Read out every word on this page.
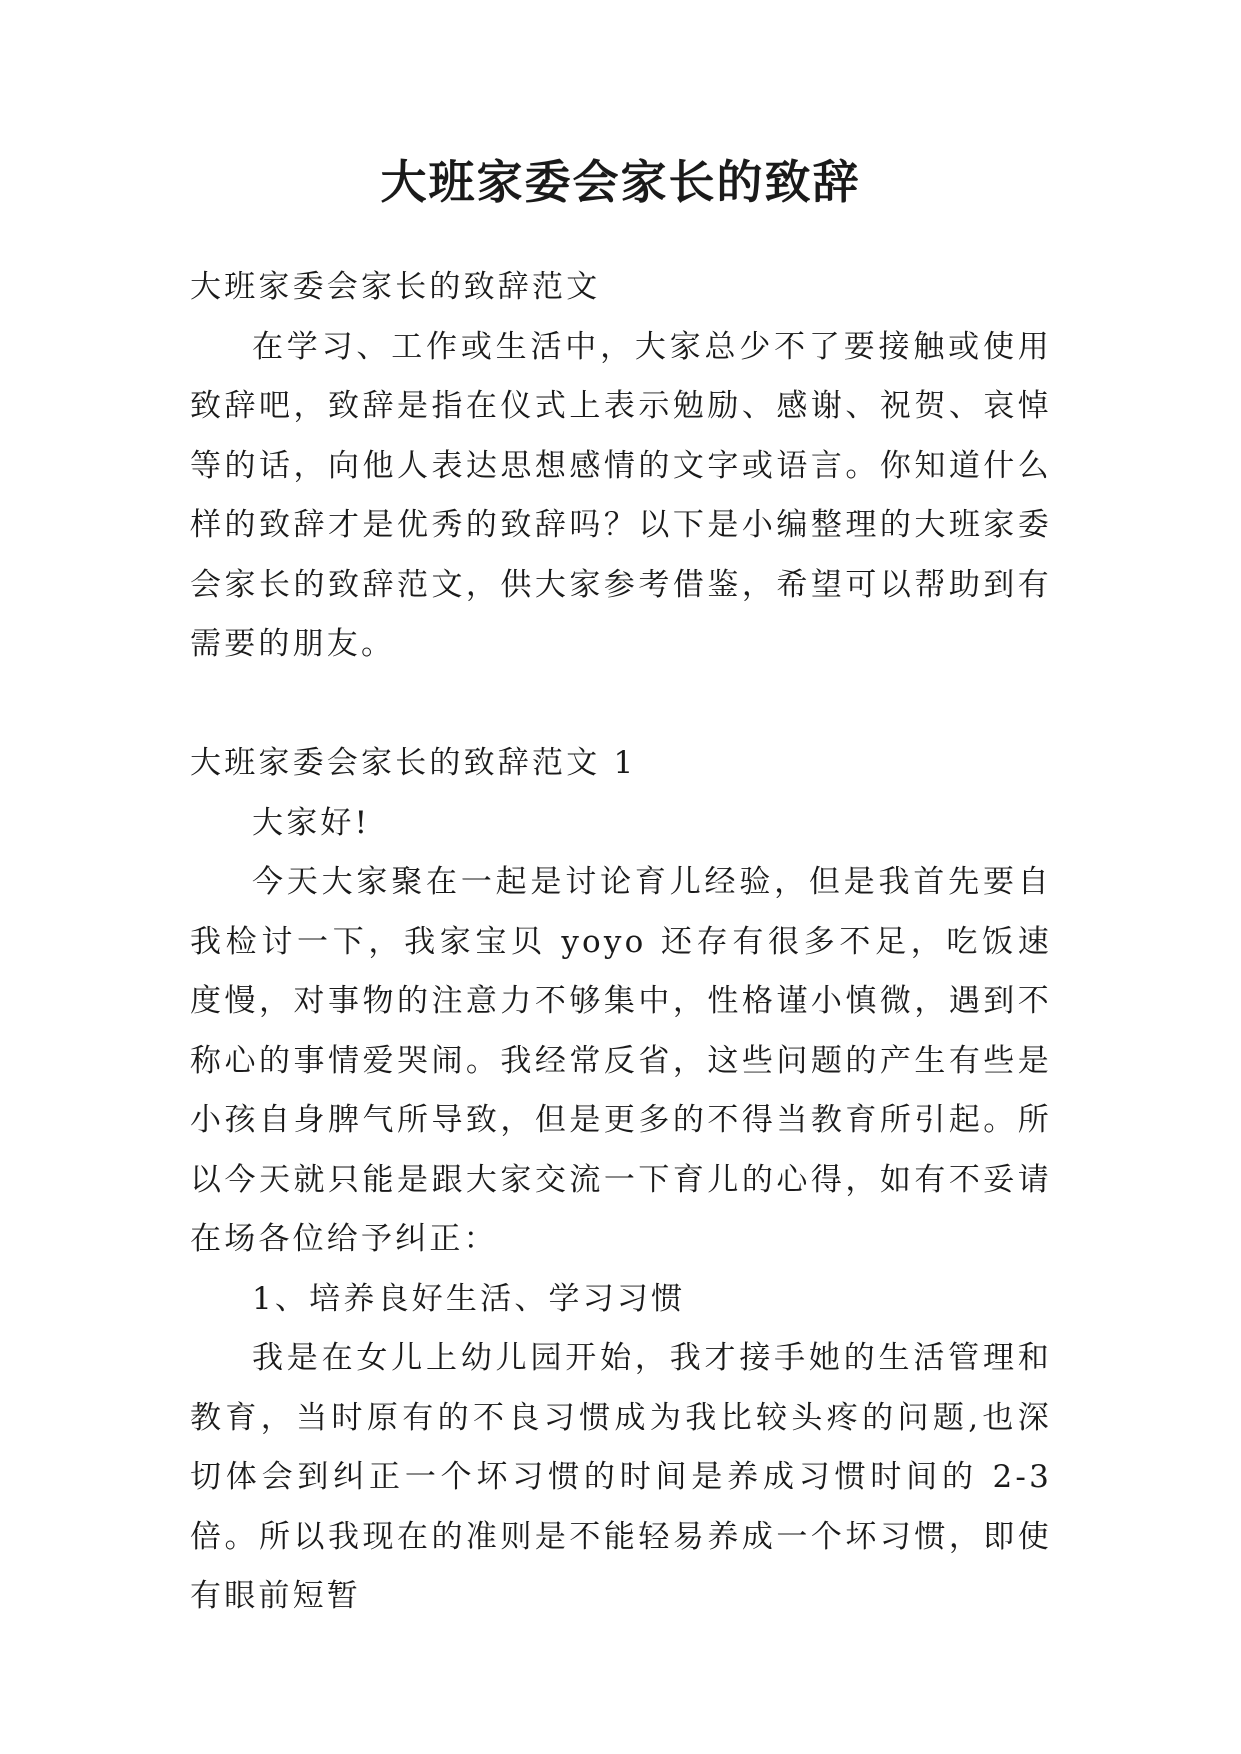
大班家委会家长的致辞

大班家委会家长的致辞范文

在学习、工作或生活中，大家总少不了要接触或使用致辞吧，致辞是指在仪式上表示勉励、感谢、祝贺、哀悼等的话，向他人表达思想感情的文字或语言。你知道什么样的致辞才是优秀的致辞吗？以下是小编整理的大班家委会家长的致辞范文，供大家参考借鉴，希望可以帮助到有需要的朋友。

大班家委会家长的致辞范文 1

大家好!

今天大家聚在一起是讨论育儿经验，但是我首先要自我检讨一下，我家宝贝 yoyo 还存有很多不足，吃饭速度慢，对事物的注意力不够集中，性格谨小慎微，遇到不称心的事情爱哭闹。我经常反省，这些问题的产生有些是小孩自身脾气所导致，但是更多的不得当教育所引起。所以今天就只能是跟大家交流一下育儿的心得，如有不妥请在场各位给予纠正：

1、培养良好生活、学习习惯

我是在女儿上幼儿园开始，我才接手她的生活管理和教育，当时原有的不良习惯成为我比较头疼的问题,也深切体会到纠正一个坏习惯的时间是养成习惯时间的 2-3 倍。所以我现在的准则是不能轻易养成一个坏习惯，即使有眼前短暂
